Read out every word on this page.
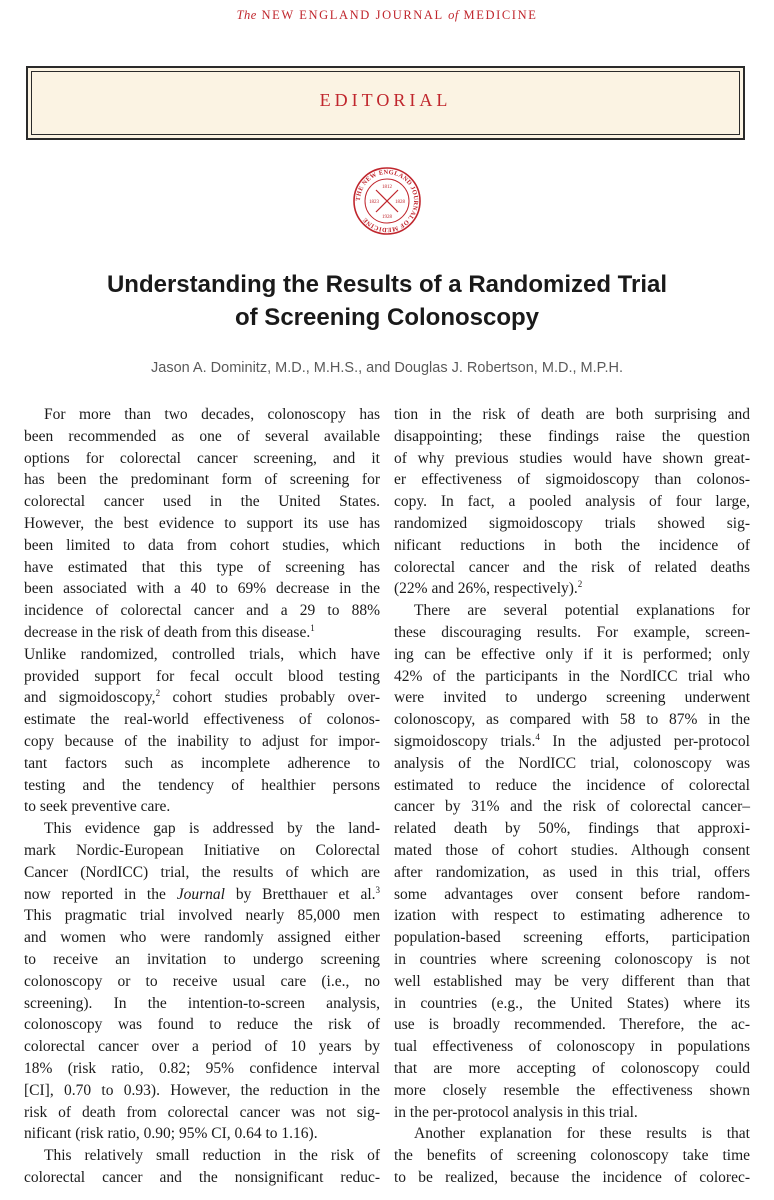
The NEW ENGLAND JOURNAL of MEDICINE
EDITORIAL
THE NEW ENGLAND JOURNAL OF MEDICINE
1812
1823	1828
1928
Understanding the Results of a Randomized Trial
of Screening Colonoscopy
Jason A. Dominitz, M.D., M.H.S., and Douglas J. Robertson, M.D., M.P.H.
For more than two decades, colonoscopy has
been recommended as one of several available
options for colorectal cancer screening, and it
has been the predominant form of screening for
colorectal cancer used in the United States.
However, the best evidence to support its use has
been limited to data from cohort studies, which
have estimated that this type of screening has
been associated with a 40 to 69% decrease in the
incidence of colorectal cancer and a 29 to 88%
decrease in the risk of death from this disease.$^1$
Unlike randomized, controlled trials, which have
provided support for fecal occult blood testing
and sigmoidoscopy,$^2$ cohort studies probably over-
estimate the real-world effectiveness of colonos-
copy because of the inability to adjust for impor-
tant factors such as incomplete adherence to
testing and the tendency of healthier persons
to seek preventive care.
This evidence gap is addressed by the land-
mark Nordic-European Initiative on Colorectal
Cancer (NordICC) trial, the results of which are
now reported in the Journal by Bretthauer et al.$^3$
This pragmatic trial involved nearly 85,000 men
and women who were randomly assigned either
to receive an invitation to undergo screening
colonoscopy or to receive usual care (i.e., no
screening). In the intention-to-screen analysis,
colonoscopy was found to reduce the risk of
colorectal cancer over a period of 10 years by
18% (risk ratio, 0.82; 95% confidence interval
[CI], 0.70 to 0.93). However, the reduction in the
risk of death from colorectal cancer was not sig-
nificant (risk ratio, 0.90; 95% CI, 0.64 to 1.16).
This relatively small reduction in the risk of
colorectal cancer and the nonsignificant reduc-
tion in the risk of death are both surprising and
disappointing; these findings raise the question
of why previous studies would have shown great-
er effectiveness of sigmoidoscopy than colonos-
copy. In fact, a pooled analysis of four large,
randomized sigmoidoscopy trials showed sig-
nificant reductions in both the incidence of
colorectal cancer and the risk of related deaths
(22% and 26%, respectively).$^2$
There are several potential explanations for
these discouraging results. For example, screen-
ing can be effective only if it is performed; only
42% of the participants in the NordICC trial who
were invited to undergo screening underwent
colonoscopy, as compared with 58 to 87% in the
sigmoidoscopy trials.$^4$ In the adjusted per-protocol
analysis of the NordICC trial, colonoscopy was
estimated to reduce the incidence of colorectal
cancer by 31% and the risk of colorectal cancer–
related death by 50%, findings that approxi-
mated those of cohort studies. Although consent
after randomization, as used in this trial, offers
some advantages over consent before random-
ization with respect to estimating adherence to
population-based screening efforts, participation
in countries where screening colonoscopy is not
well established may be very different than that
in countries (e.g., the United States) where its
use is broadly recommended. Therefore, the ac-
tual effectiveness of colonoscopy in populations
that are more accepting of colonoscopy could
more closely resemble the effectiveness shown
in the per-protocol analysis in this trial.
Another explanation for these results is that
the benefits of screening colonoscopy take time
to be realized, because the incidence of colorec-
